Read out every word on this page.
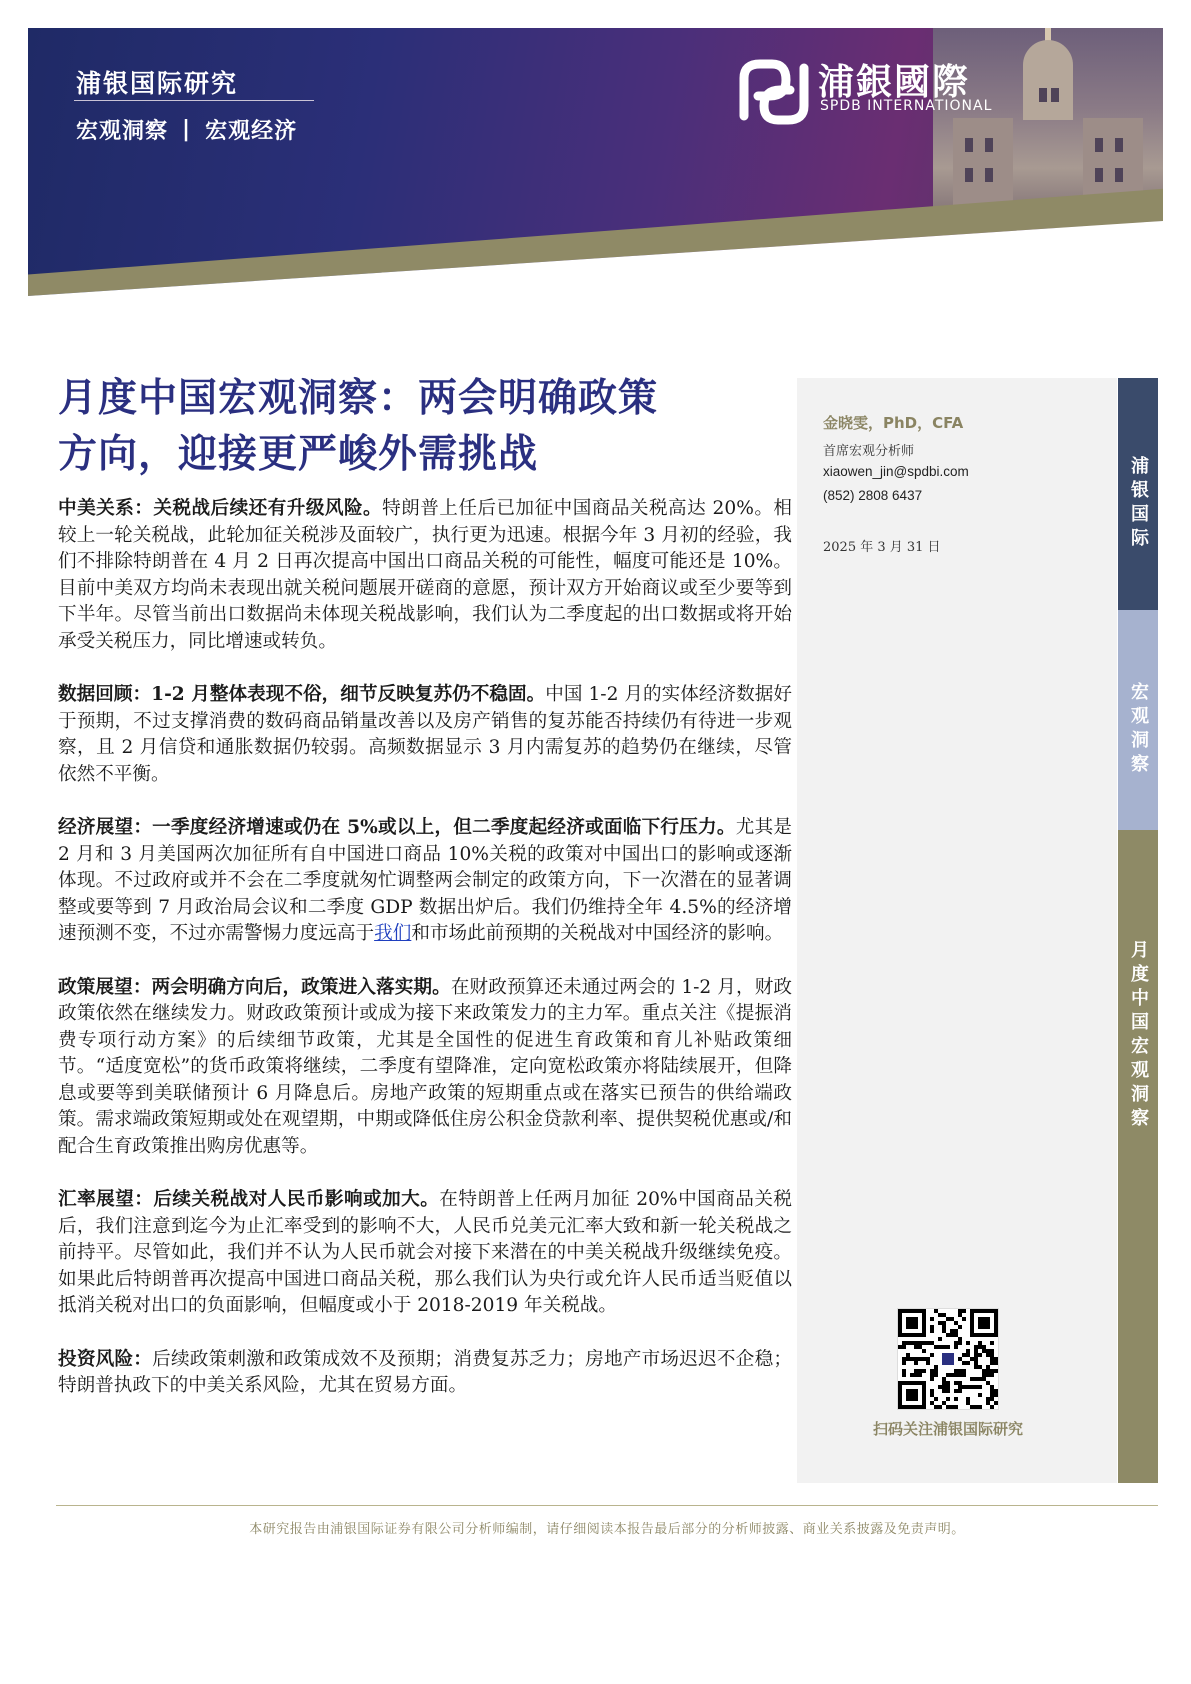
浦银国际研究
宏观洞察 | 宏观经济
浦銀國際
SPDB INTERNATIONAL
月度中国宏观洞察：两会明确政策
方向，迎接更严峻外需挑战

中美关系：关税战后续还有升级风险。特朗普上任后已加征中国商品关税高达 20%。相较上一轮关税战，此轮加征关税涉及面较广，执行更为迅速。根据今年 3 月初的经验，我们不排除特朗普在 4 月 2 日再次提高中国出口商品关税的可能性，幅度可能还是 10%。目前中美双方均尚未表现出就关税问题展开磋商的意愿，预计双方开始商议或至少要等到下半年。尽管当前出口数据尚未体现关税战影响，我们认为二季度起的出口数据或将开始承受关税压力，同比增速或转负。

数据回顾：1-2 月整体表现不俗，细节反映复苏仍不稳固。中国 1-2 月的实体经济数据好于预期，不过支撑消费的数码商品销量改善以及房产销售的复苏能否持续仍有待进一步观察，且 2 月信贷和通胀数据仍较弱。高频数据显示 3 月内需复苏的趋势仍在继续，尽管依然不平衡。

经济展望：一季度经济增速或仍在 5%或以上，但二季度起经济或面临下行压力。尤其是 2 月和 3 月美国两次加征所有自中国进口商品 10%关税的政策对中国出口的影响或逐渐体现。不过政府或并不会在二季度就匆忙调整两会制定的政策方向，下一次潜在的显著调整或要等到 7 月政治局会议和二季度 GDP 数据出炉后。我们仍维持全年 4.5%的经济增速预测不变，不过亦需警惕力度远高于我们和市场此前预期的关税战对中国经济的影响。

政策展望：两会明确方向后，政策进入落实期。在财政预算还未通过两会的 1-2 月，财政政策依然在继续发力。财政政策预计或成为接下来政策发力的主力军。重点关注《提振消费专项行动方案》的后续细节政策，尤其是全国性的促进生育政策和育儿补贴政策细节。“适度宽松”的货币政策将继续，二季度有望降准，定向宽松政策亦将陆续展开，但降息或要等到美联储预计 6 月降息后。房地产政策的短期重点或在落实已预告的供给端政策。需求端政策短期或处在观望期，中期或降低住房公积金贷款利率、提供契税优惠或/和配合生育政策推出购房优惠等。

汇率展望：后续关税战对人民币影响或加大。在特朗普上任两月加征 20%中国商品关税后，我们注意到迄今为止汇率受到的影响不大，人民币兑美元汇率大致和新一轮关税战之前持平。尽管如此，我们并不认为人民币就会对接下来潜在的中美关税战升级继续免疫。如果此后特朗普再次提高中国进口商品关税，那么我们认为央行或允许人民币适当贬值以抵消关税对出口的负面影响，但幅度或小于 2018-2019 年关税战。

投资风险：后续政策刺激和政策成效不及预期；消费复苏乏力；房地产市场迟迟不企稳；特朗普执政下的中美关系风险，尤其在贸易方面。

金晓雯，PhD，CFA
首席宏观分析师
xiaowen_jin@spdbi.com
(852) 2808 6437
2025 年 3 月 31 日
扫码关注浦银国际研究
浦银国际
宏观洞察
月度中国宏观洞察
本研究报告由浦银国际证券有限公司分析师编制，请仔细阅读本报告最后部分的分析师披露、商业关系披露及免责声明。
